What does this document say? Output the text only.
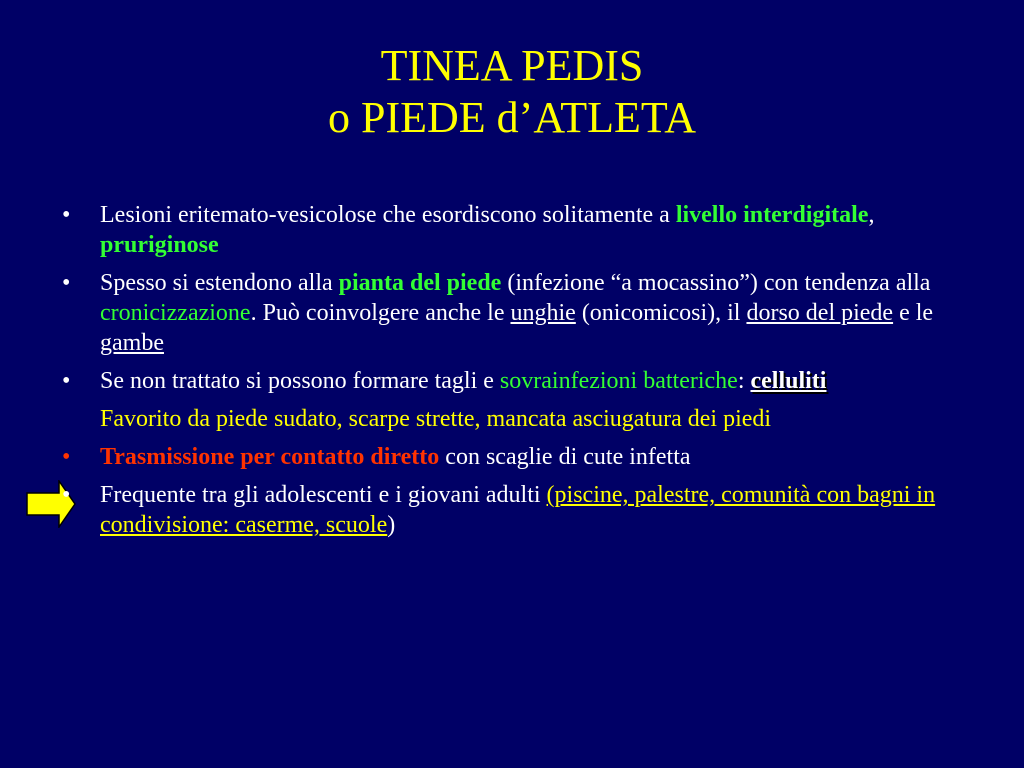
TINEA PEDIS
o PIEDE d’ATLETA
• Lesioni eritemato-vesicolose che esordiscono solitamente a livello interdigitale, pruriginose
• Spesso si estendono alla pianta del piede (infezione “a mocassino”) con tendenza alla cronicizzazione. Può coinvolgere anche le unghie (onicomicosi), il dorso del piede e le gambe
• Se non trattato si possono formare tagli e sovrainfezioni batteriche: celluliti
Favorito da piede sudato, scarpe strette, mancata asciugatura dei piedi
• Trasmissione per contatto diretto con scaglie di cute infetta
• Frequente tra gli adolescenti e i giovani adulti (piscine, palestre, comunità con bagni in condivisione: caserme, scuole)
